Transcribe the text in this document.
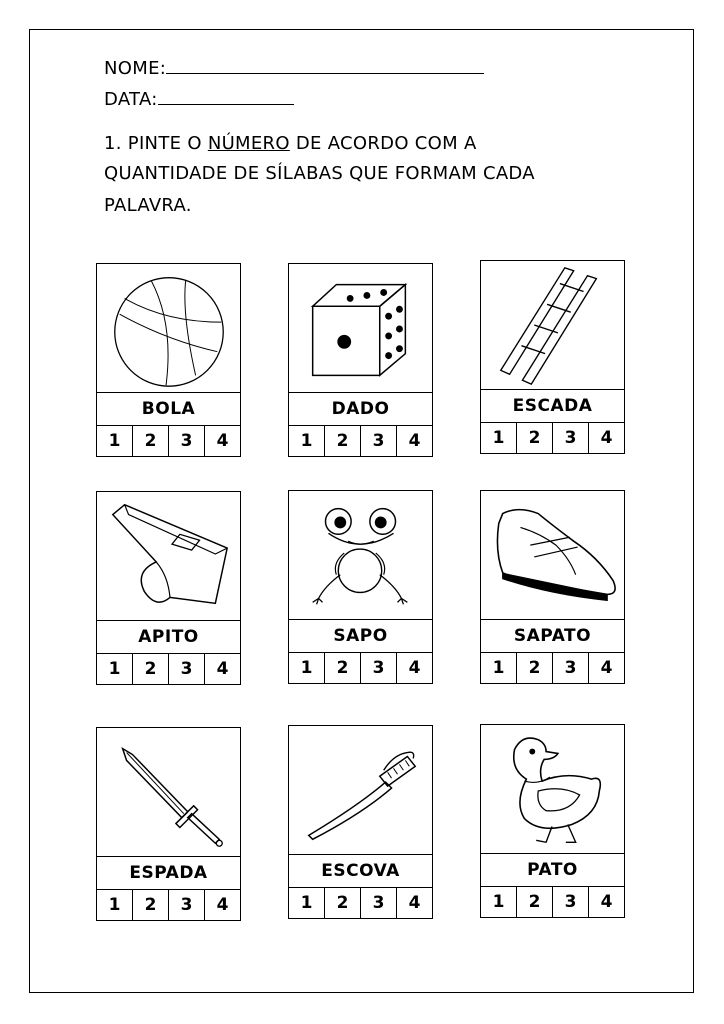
NOME:
DATA:
1. PINTE O NÚMERO DE ACORDO COM A
QUANTIDADE DE SÍLABAS QUE FORMAM CADA
PALAVRA.
BOLA
1	2	3	4
DADO
1	2	3	4
ESCADA
1	2	3	4
APITO
1	2	3	4
SAPO
1	2	3	4
SAPATO
1	2	3	4
ESPADA
1	2	3	4
ESCOVA
1	2	3	4
PATO
1	2	3	4
